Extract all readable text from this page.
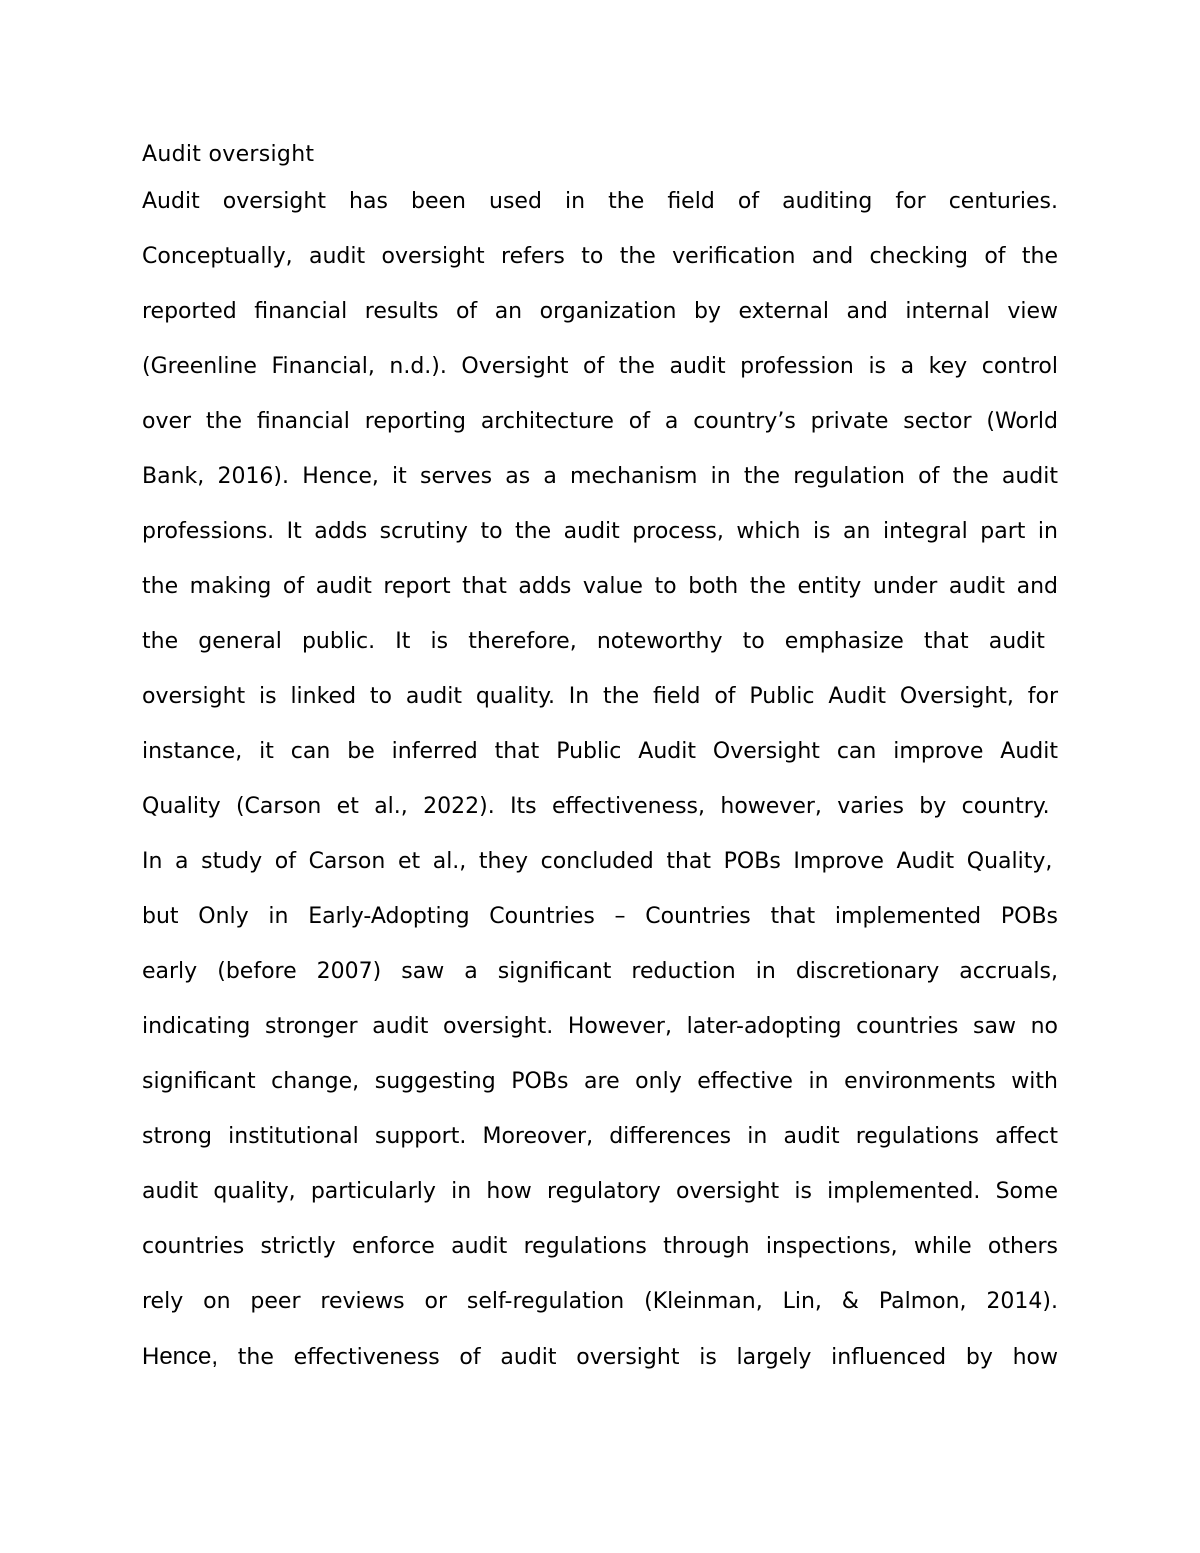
Audit oversight
Audit oversight has been used in the field of auditing for centuries.
Conceptually, audit oversight refers to the verification and checking of the
reported financial results of an organization by external and internal view
(Greenline Financial, n.d.). Oversight of the audit profession is a key control
over the financial reporting architecture of a country’s private sector (World
Bank, 2016). Hence, it serves as a mechanism in the regulation of the audit
professions. It adds scrutiny to the audit process, which is an integral part in
the making of audit report that adds value to both the entity under audit and
the general public. It is therefore, noteworthy to emphasize that audit
oversight is linked to audit quality. In the field of Public Audit Oversight, for
instance, it can be inferred that Public Audit Oversight can improve Audit
Quality (Carson et al., 2022). Its effectiveness, however, varies by country.
In a study of Carson et al., they concluded that POBs Improve Audit Quality,
but Only in Early-Adopting Countries – Countries that implemented POBs
early (before 2007) saw a significant reduction in discretionary accruals,
indicating stronger audit oversight. However, later-adopting countries saw no
significant change, suggesting POBs are only effective in environments with
strong institutional support. Moreover, differences in audit regulations affect
audit quality, particularly in how regulatory oversight is implemented. Some
countries strictly enforce audit regulations through inspections, while others
rely on peer reviews or self-regulation (Kleinman, Lin, & Palmon, 2014).
Hence, the effectiveness of audit oversight is largely influenced by how
